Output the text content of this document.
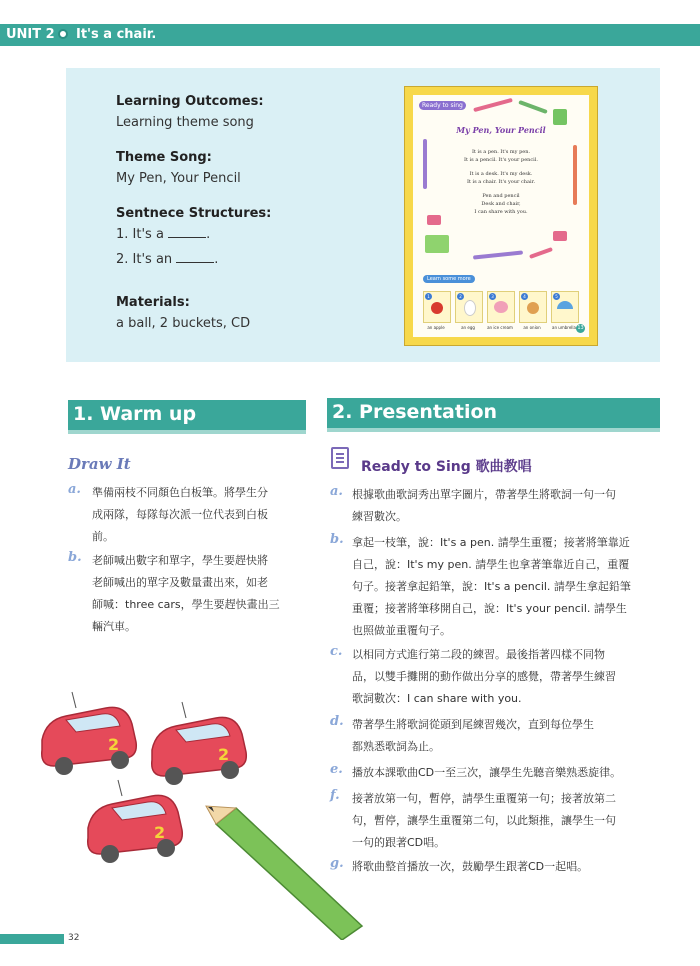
UNIT 2 It's a chair.

Learning Outcomes:

Learning theme song

Theme Song:

My Pen, Your Pencil

Sentnece Structures:

1. It's a	.

2. It's an	.

Materials:

a ball, 2 buckets, CD

Ready to sing
My Pen, Your Pencil
It is a pen. It's my pen.
It is a pencil. It's your pencil.
It is a desk. It's my desk.
It is a chair. It's your chair.
Pen and pencil
Desk and chair,
I can share with you.
Learn some more
1	2	3	4	5
an apple	an egg	an ice cream	an onion	an umbrella 13
1. Warm up
Draw It
a. 準備兩枝不同顏色白板筆。將學生分
成兩隊，每隊每次派一位代表到白板
前。
b. 老師喊出數字和單字，學生要趕快將
老師喊出的單字及數量畫出來，如老
師喊：three cars，學生要趕快畫出三
輛汽車。
2
2
2
2. Presentation
Ready to Sing 歌曲教唱
a. 根據歌曲歌詞秀出單字圖片，帶著學生將歌詞一句一句
練習數次。
b. 拿起一枝筆，說：It's a pen. 請學生重覆；接著將筆靠近
自己，說：It's my pen. 請學生也拿著筆靠近自己，重覆
句子。接著拿起鉛筆，說：It's a pencil. 請學生拿起鉛筆
重覆；接著將筆移開自己，說：It's your pencil. 請學生
也照做並重覆句子。
c. 以相同方式進行第二段的練習。最後指著四樣不同物
品，以雙手攤開的動作做出分享的感覺，帶著學生練習
歌詞數次：I can share with you.
d. 帶著學生將歌詞從頭到尾練習幾次，直到每位學生
都熟悉歌詞為止。
e. 播放本課歌曲CD一至三次，讓學生先聽音樂熟悉旋律。
f. 接著放第一句，暫停，請學生重覆第一句；接著放第二
句，暫停，讓學生重覆第二句，以此類推，讓學生一句
一句的跟著CD唱。
g. 將歌曲整首播放一次，鼓勵學生跟著CD一起唱。
32
